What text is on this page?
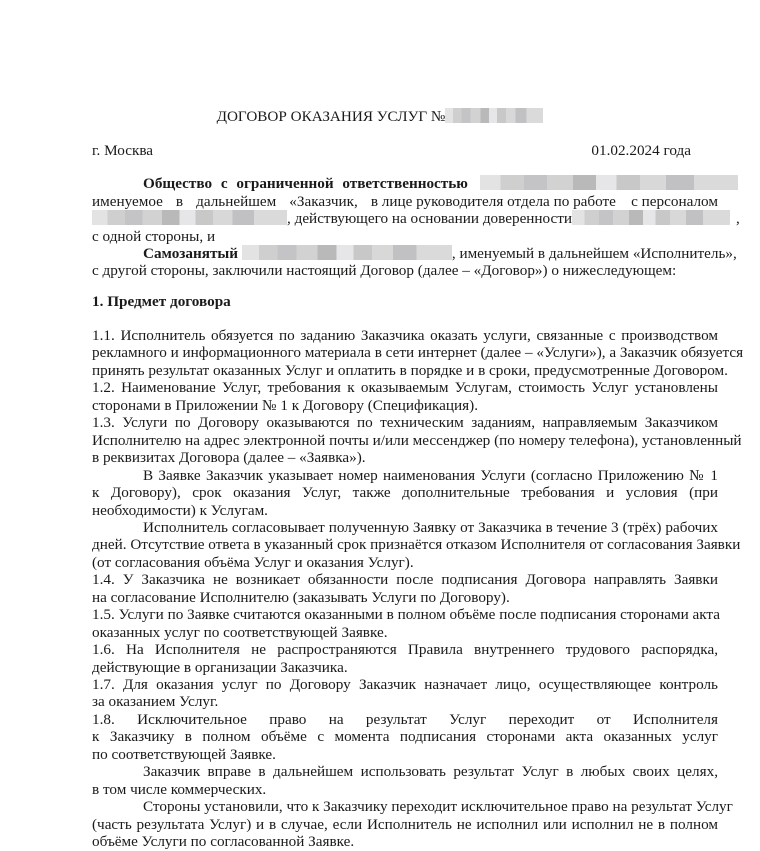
ДОГОВОР ОКАЗАНИЯ УСЛУГ №
г. Москва	01.02.2024 года
Общество с ограниченной ответственностью
именуемое в дальнейшем «Заказчик, в лице руководителя отдела по работе    с персоналом
, действующего на основании доверенности	,
с одной стороны, и
Самозанятый	, именуемый в дальнейшем «Исполнитель»,
с другой стороны, заключили настоящий Договор (далее – «Договор») о нижеследующем:
1. Предмет договора
1.1. Исполнитель обязуется по заданию Заказчика оказать услуги, связанные с производством
рекламного и информационного материала в сети интернет (далее – «Услуги»), а Заказчик обязуется
принять результат оказанных Услуг и оплатить в порядке и в сроки, предусмотренные Договором.
1.2. Наименование Услуг, требования к оказываемым Услугам, стоимость Услуг установлены
сторонами в Приложении № 1 к Договору (Спецификация).
1.3. Услуги по Договору оказываются по техническим заданиям, направляемым Заказчиком
Исполнителю на адрес электронной почты и/или мессенджер (по номеру телефона), установленный
в реквизитах Договора (далее – «Заявка»).
В Заявке Заказчик указывает номер наименования Услуги (согласно Приложению № 1
к Договору), срок оказания Услуг, также дополнительные требования и условия (при
необходимости) к Услугам.
Исполнитель согласовывает полученную Заявку от Заказчика в течение 3 (трёх) рабочих
дней. Отсутствие ответа в указанный срок признаётся отказом Исполнителя от согласования Заявки
(от согласования объёма Услуг и оказания Услуг).
1.4. У Заказчика не возникает обязанности после подписания Договора направлять Заявки
на согласование Исполнителю (заказывать Услуги по Договору).
1.5. Услуги по Заявке считаются оказанными в полном объёме после подписания сторонами акта
оказанных услуг по соответствующей Заявке.
1.6. На Исполнителя не распространяются Правила внутреннего трудового распорядка,
действующие в организации Заказчика.
1.7. Для оказания услуг по Договору Заказчик назначает лицо, осуществляющее контроль
за оказанием Услуг.
1.8. Исключительное право на результат Услуг переходит от Исполнителя
к Заказчику в полном объёме с момента подписания сторонами акта оказанных услуг
по соответствующей Заявке.
Заказчик вправе в дальнейшем использовать результат Услуг в любых своих целях,
в том числе коммерческих.
Стороны установили, что к Заказчику переходит исключительное право на результат Услуг
(часть результата Услуг) и в случае, если Исполнитель не исполнил или исполнил не в полном
объёме Услуги по согласованной Заявке.
